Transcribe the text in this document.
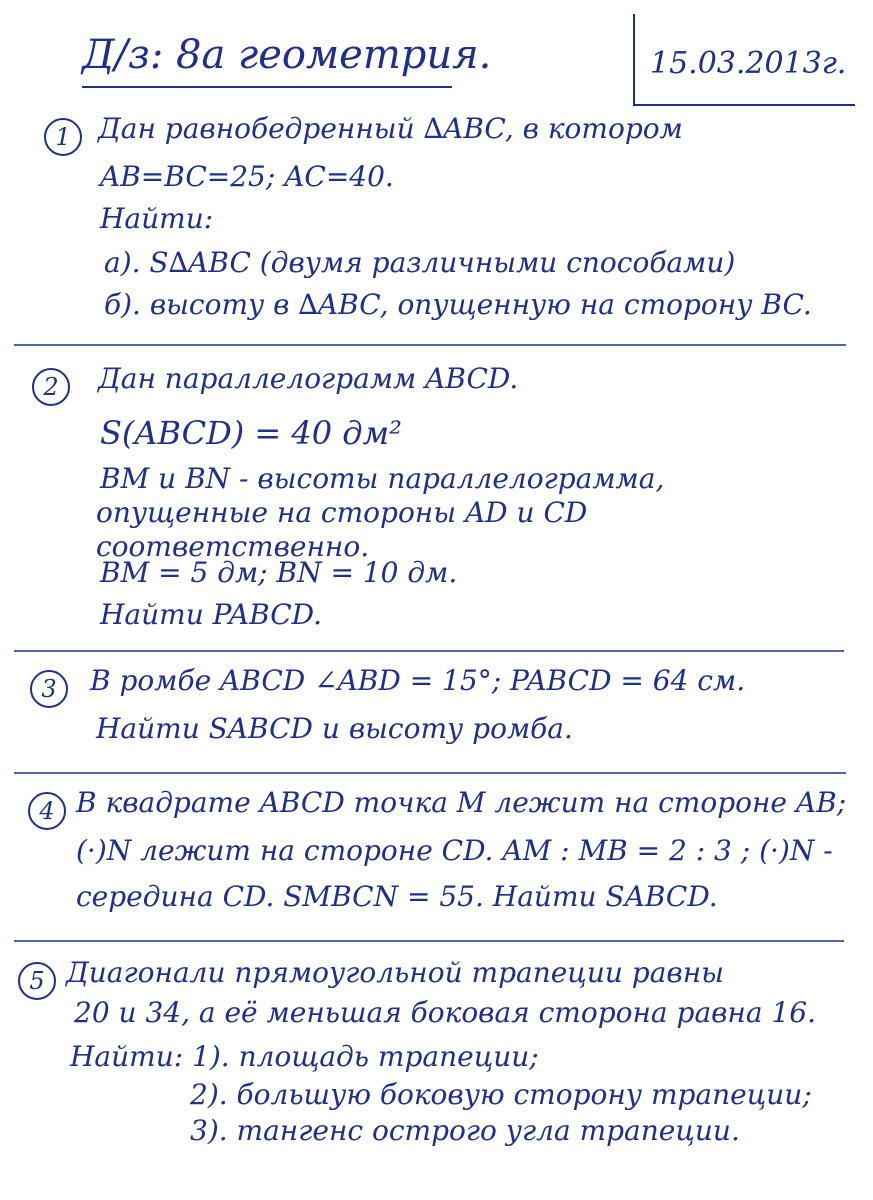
Д/з: 8а геометрия.	15.03.2013г.
1 Дан равнобедренный ∆ABC, в котором
AB=BC=25; AC=40.
Найти:
а). S∆ABC (двумя различными способами)
б). высоту в ∆ABC, опущенную на сторону BC.
2	Дан параллелограмм ABCD.
S(ABCD) = 40 дм²
BM и BN - высоты параллелограмма,
опущенные на стороны AD и CD
соответственно.
BM = 5 дм; BN = 10 дм.
Найти PABCD.
3	В ромбе ABCD ∠ABD = 15°; PABCD = 64 см.
Найти SABCD и высоту ромба.
4 В квадрате ABCD точка M лежит на стороне AB;
(·)N лежит на стороне CD. AM : MB = 2 : 3 ; (·)N -
середина CD. SMBCN = 55. Найти SABCD.
5 Диагонали прямоугольной трапеции равны
20 и 34, а её меньшая боковая сторона равна 16.
Найти: 1). площадь трапеции;
2). большую боковую сторону трапеции;
3). тангенс острого угла трапеции.
